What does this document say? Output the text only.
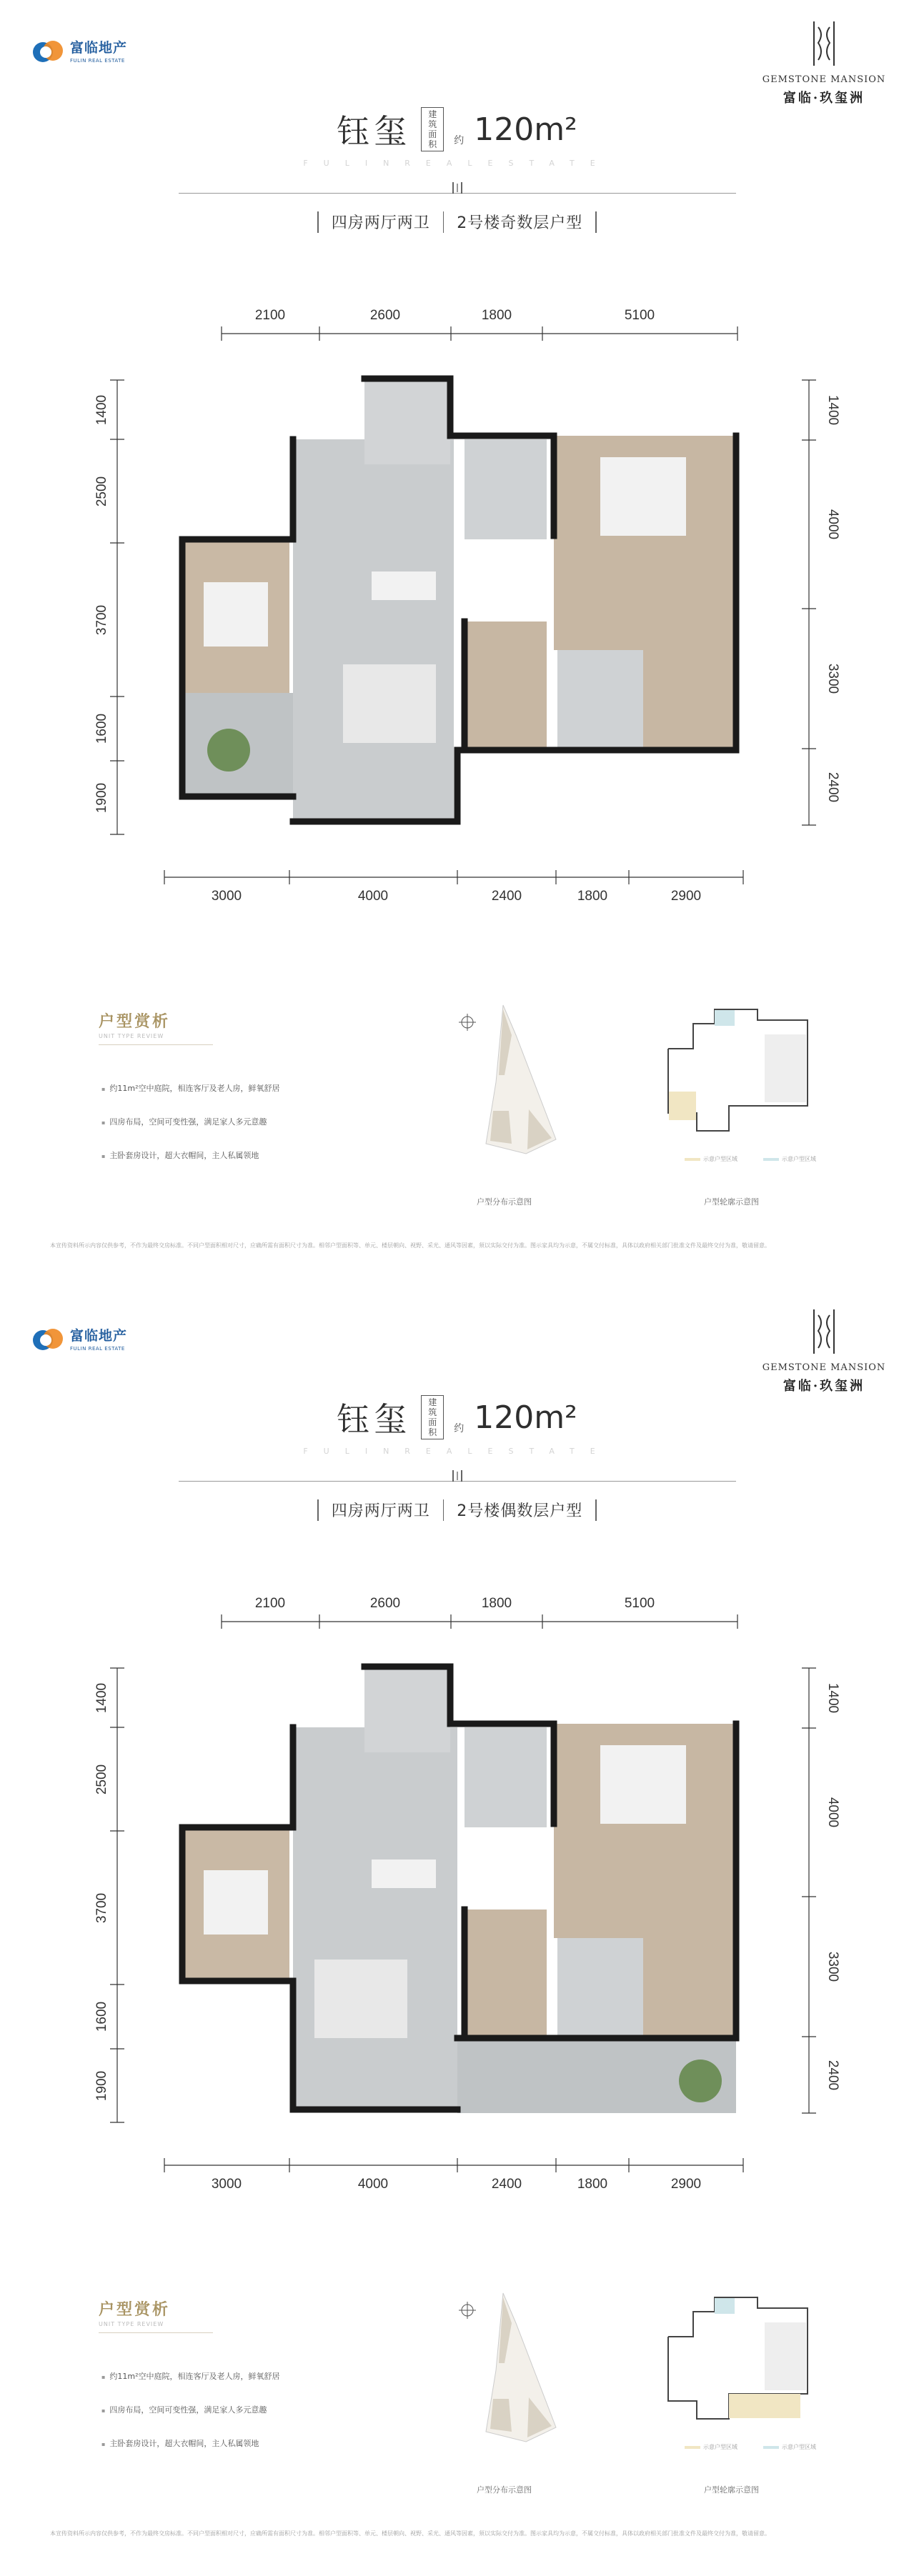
富临地产
FULIN REAL ESTATE
GEMSTONE MANSION
富临·玖玺洲
钰玺	建筑面积	约 120m²
FULINREALESTATE
四房两厅两卫 2号楼奇数层户型
2100	2600	1800	5100
3000	4000	2400	1800	2900
1400
2500
3700
1600
1900
1400
4000
3300
2400
户型赏析
UNIT TYPE REVIEW
▪ 约11m²空中庭院，相连客厅及老人房，鲜氧舒居
▪ 四房布局，空间可变性强，满足家人多元意趣
▪ 主卧套房设计，超大衣帽间，主人私属领地
户型分布示意图
示意户型区域	示意户型区域
户型轮廓示意图
本宣传资料所示内容仅供参考，不作为最终交房标准。不同户型面积相对尺寸，应确所需有面积尺寸为准。相邻户型面积等、单元、楼层朝向、视野、采光、通风等因素，须以实际交付为准。图示家具均为示意，不属交付标准，具体以政府相关部门批准文件及最终交付为准，敬请留意。
富临地产
FULIN REAL ESTATE
GEMSTONE MANSION
富临·玖玺洲
钰玺	建筑面积	约 120m²
FULINREALESTATE
四房两厅两卫 2号楼偶数层户型
2100	2600	1800	5100
3000	4000	2400	1800	2900
1400
2500
3700
1600
1900
1400
4000
3300
2400
户型赏析
UNIT TYPE REVIEW
▪ 约11m²空中庭院，相连客厅及老人房，鲜氧舒居
▪ 四房布局，空间可变性强，满足家人多元意趣
▪ 主卧套房设计，超大衣帽间，主人私属领地
户型分布示意图
示意户型区域	示意户型区域
户型轮廓示意图
本宣传资料所示内容仅供参考，不作为最终交房标准。不同户型面积相对尺寸，应确所需有面积尺寸为准。相邻户型面积等、单元、楼层朝向、视野、采光、通风等因素，须以实际交付为准。图示家具均为示意，不属交付标准，具体以政府相关部门批准文件及最终交付为准，敬请留意。
